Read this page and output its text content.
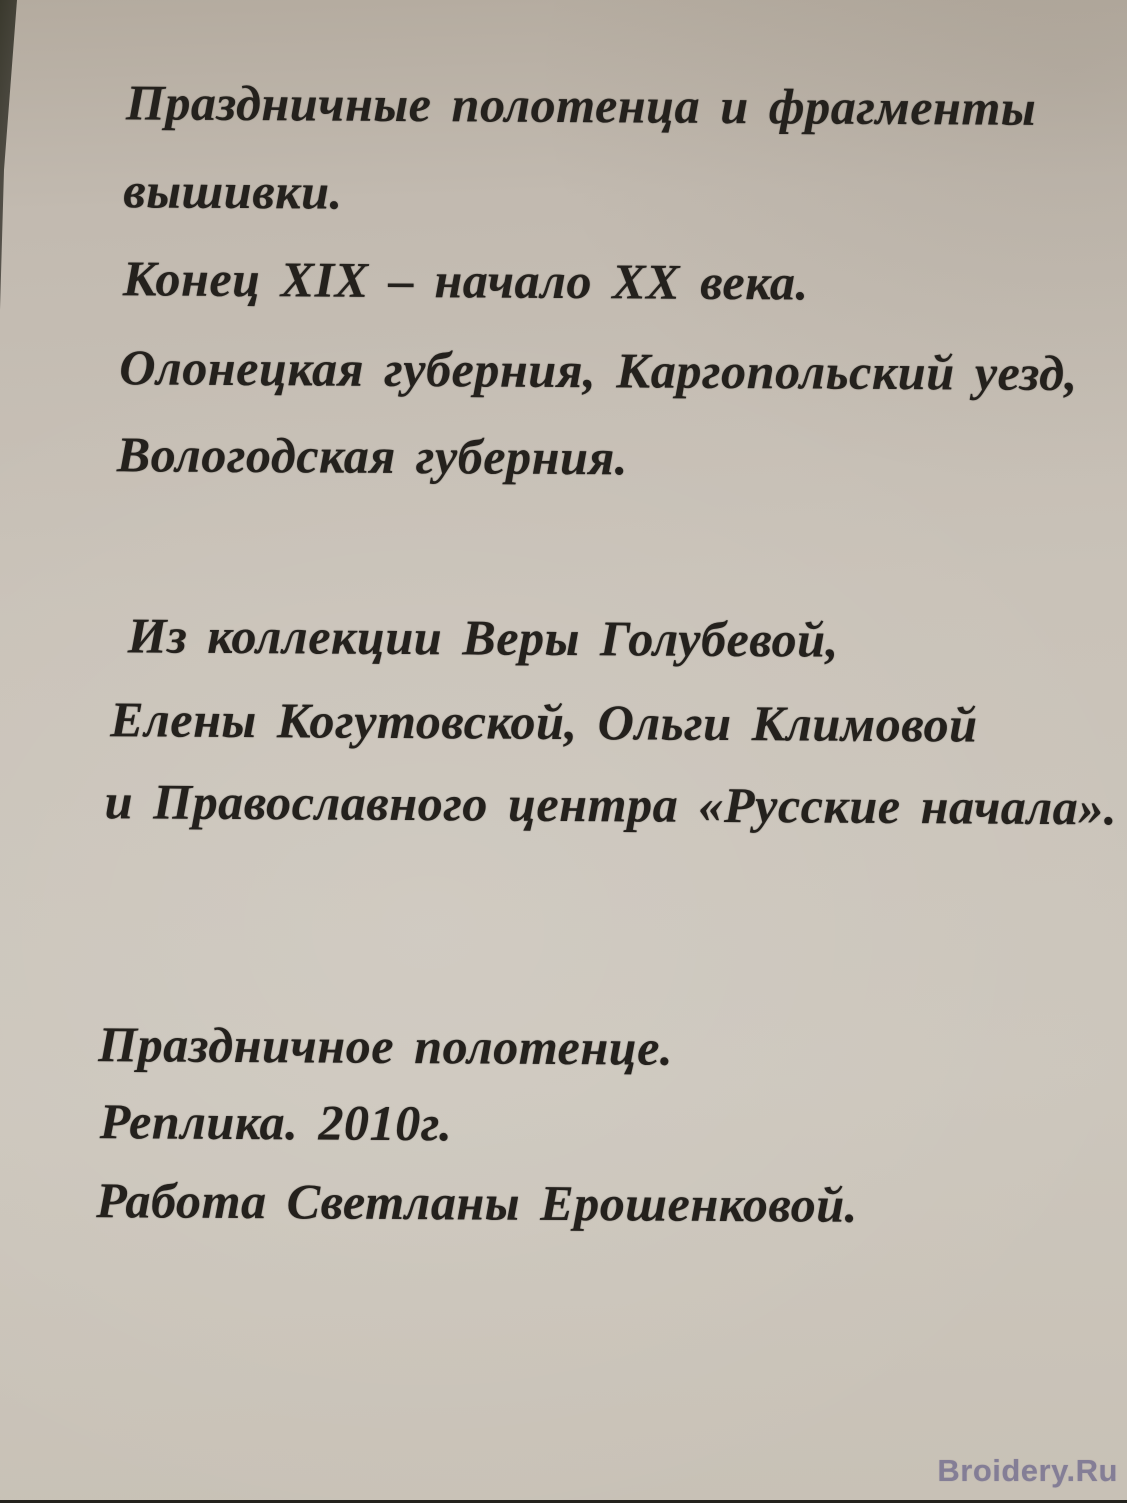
Праздничные полотенца и фрагменты
вышивки.
Конец XIX – начало XX века.
Олонецкая губерния, Каргопольский уезд,
Вологодская губерния.
Из коллекции Веры Голубевой,
Елены Когутовской, Ольги Климовой
и Православного центра «Русские начала».
Праздничное полотенце.
Реплика. 2010г.
Работа Светланы Ерошенковой.
Broidery.Ru
